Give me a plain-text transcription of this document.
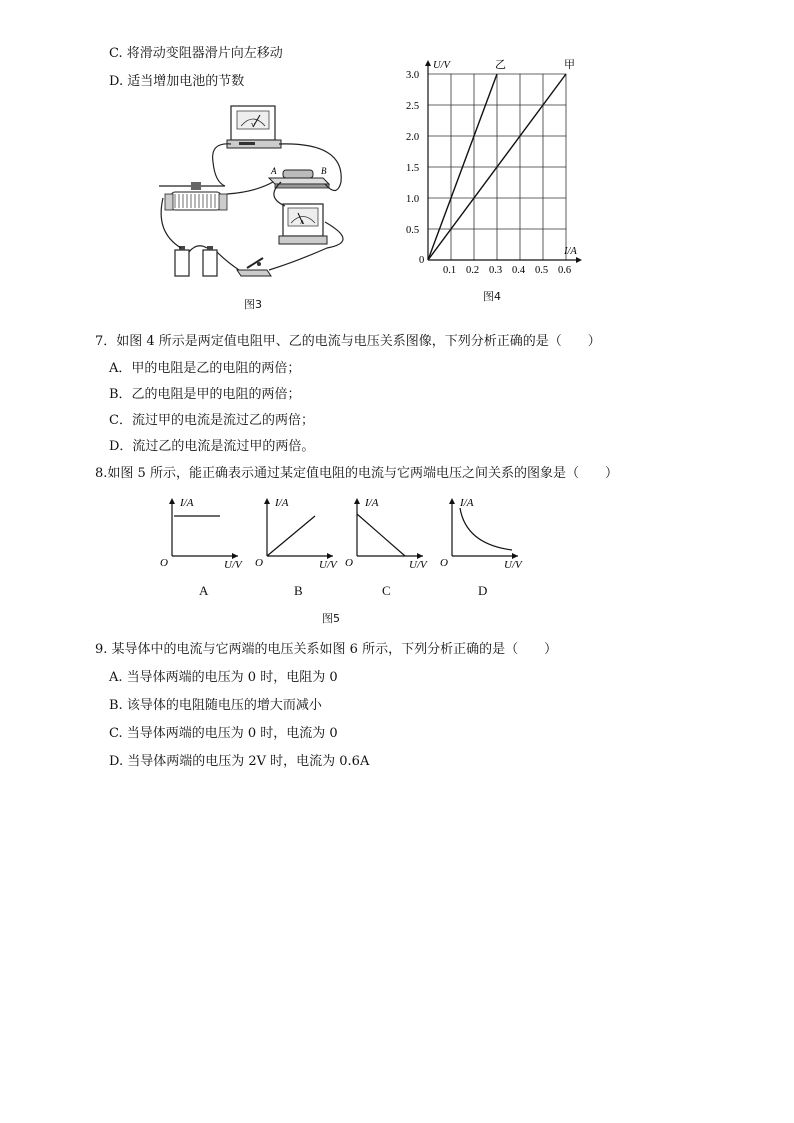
C. 将滑动变阻器滑片向左移动
D. 适当增加电池的节数
V
A	B
A
图3
0.5
1.0
1.5
2.0
2.5
3.0
0.1 0.2 0.3 0.4 0.5 0.6
0
U/V
I/A
乙	甲
图4
7．如图 4 所示是两定值电阻甲、乙的电流与电压关系图像，下列分析正确的是（　　）
A．甲的电阻是乙的电阻的两倍；
B．乙的电阻是甲的电阻的两倍；
C．流过甲的电流是流过乙的两倍；
D．流过乙的电流是流过甲的两倍。
8.如图 5 所示，能正确表示通过某定值电阻的电流与它两端电压之间关系的图象是（　　）
I/A
U/V
O
I/A
U/V
O
I/A
U/V
O
I/A
U/V
O
A	B	C	D
图5
9. 某导体中的电流与它两端的电压关系如图 6 所示，下列分析正确的是（　　）
A. 当导体两端的电压为 0 时，电阻为 0
B. 该导体的电阻随电压的增大而减小
C. 当导体两端的电压为 0 时，电流为 0
D. 当导体两端的电压为 2V 时，电流为 0.6A
